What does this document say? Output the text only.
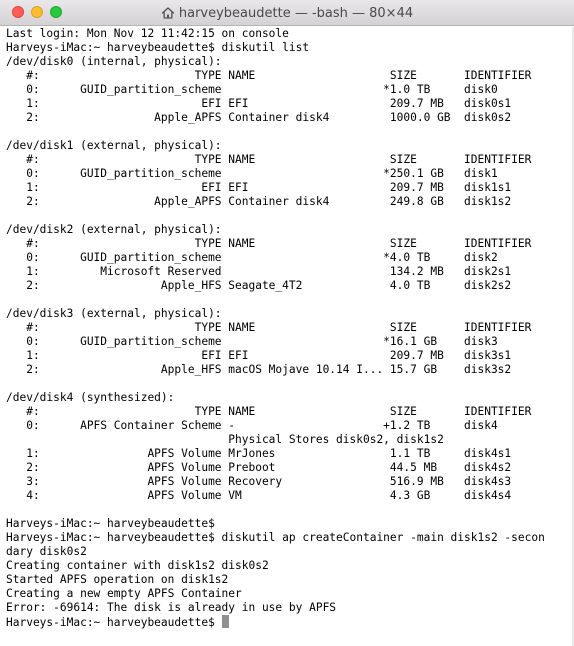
harveybeaudette — -bash — 80×44
Last login: Mon Nov 12 11:42:15 on console
Harveys-iMac:~ harveybeaudette$ diskutil list
/dev/disk0 (internal, physical):
#:                       TYPE NAME                    SIZE       IDENTIFIER
0:      GUID_partition_scheme                        *1.0 TB     disk0
1:                        EFI EFI                     209.7 MB   disk0s1
2:                 Apple_APFS Container disk4         1000.0 GB  disk0s2
/dev/disk1 (external, physical):
#:                       TYPE NAME                    SIZE       IDENTIFIER
0:      GUID_partition_scheme                        *250.1 GB   disk1
1:                        EFI EFI                     209.7 MB   disk1s1
2:                 Apple_APFS Container disk4         249.8 GB   disk1s2
/dev/disk2 (external, physical):
#:                       TYPE NAME                    SIZE       IDENTIFIER
0:      GUID_partition_scheme                        *4.0 TB     disk2
1:         Microsoft Reserved                         134.2 MB   disk2s1
2:                  Apple_HFS Seagate_4T2             4.0 TB     disk2s2
/dev/disk3 (external, physical):
#:                       TYPE NAME                    SIZE       IDENTIFIER
0:      GUID_partition_scheme                        *16.1 GB    disk3
1:                        EFI EFI                     209.7 MB   disk3s1
2:                  Apple_HFS macOS Mojave 10.14 I... 15.7 GB    disk3s2
/dev/disk4 (synthesized):
#:                       TYPE NAME                    SIZE       IDENTIFIER
0:      APFS Container Scheme -                      +1.2 TB     disk4
Physical Stores disk0s2, disk1s2
1:                APFS Volume MrJones                 1.1 TB     disk4s1
2:                APFS Volume Preboot                 44.5 MB    disk4s2
3:                APFS Volume Recovery                516.9 MB   disk4s3
4:                APFS Volume VM                      4.3 GB     disk4s4
Harveys-iMac:~ harveybeaudette$
Harveys-iMac:~ harveybeaudette$ diskutil ap createContainer -main disk1s2 -secon
dary disk0s2
Creating container with disk1s2 disk0s2
Started APFS operation on disk1s2
Creating a new empty APFS Container
Error: -69614: The disk is already in use by APFS
Harveys-iMac:~ harveybeaudette$
